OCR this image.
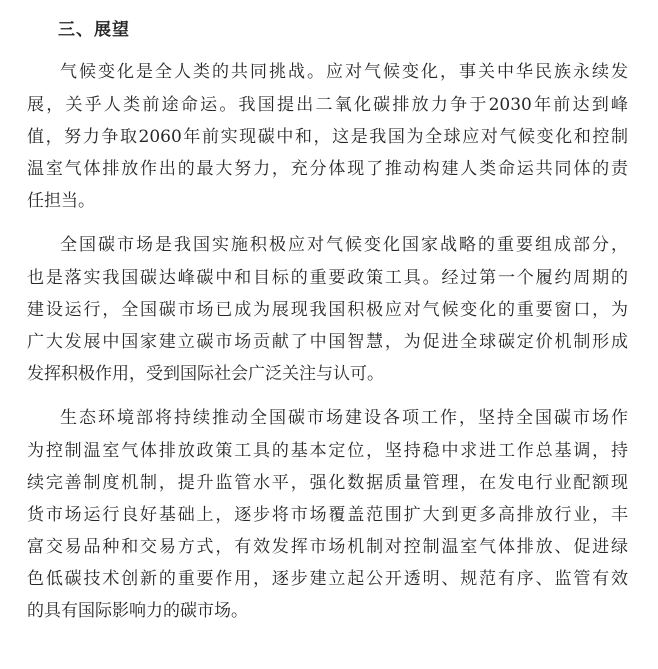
三、展望

气候变化是全人类的共同挑战。应对气候变化，事关中华民族永续发

展，关乎人类前途命运。我国提出二氧化碳排放力争于2030年前达到峰

值，努力争取2060年前实现碳中和，这是我国为全球应对气候变化和控制

温室气体排放作出的最大努力，充分体现了推动构建人类命运共同体的责

任担当。

全国碳市场是我国实施积极应对气候变化国家战略的重要组成部分，

也是落实我国碳达峰碳中和目标的重要政策工具。经过第一个履约周期的

建设运行，全国碳市场已成为展现我国积极应对气候变化的重要窗口，为

广大发展中国家建立碳市场贡献了中国智慧，为促进全球碳定价机制形成

发挥积极作用，受到国际社会广泛关注与认可。

生态环境部将持续推动全国碳市场建设各项工作，坚持全国碳市场作

为控制温室气体排放政策工具的基本定位，坚持稳中求进工作总基调，持

续完善制度机制，提升监管水平，强化数据质量管理，在发电行业配额现

货市场运行良好基础上，逐步将市场覆盖范围扩大到更多高排放行业，丰

富交易品种和交易方式，有效发挥市场机制对控制温室气体排放、促进绿

色低碳技术创新的重要作用，逐步建立起公开透明、规范有序、监管有效

的具有国际影响力的碳市场。
